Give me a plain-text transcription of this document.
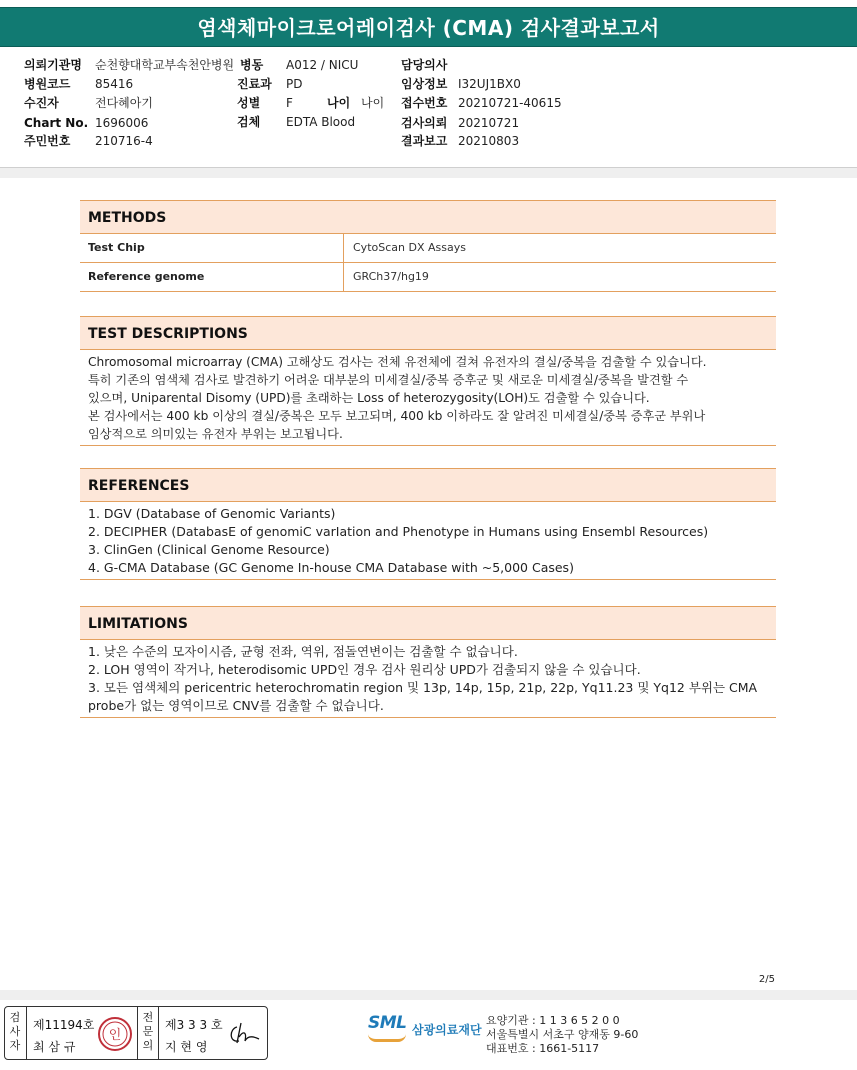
염색체마이크로어레이검사 (CMA) 검사결과보고서
의뢰기관명 순천향대학교부속천안병원 병동 A012 / NICU	담당의사
병원코드 85416	진료과 PD	임상정보 I32UJ1BX0
수진자	전다혜아기	성별 F	나이 나이 접수번호 20210721-40615
Chart No. 1696006	검체 EDTA Blood	검사의뢰 20210721
주민번호 210716-4	결과보고 20210803
METHODS
Test Chip	CytoScan DX Assays
Reference genome	GRCh37/hg19
TEST DESCRIPTIONS

Chromosomal microarray (CMA) 고해상도 검사는 전체 유전체에 걸쳐 유전자의 결실/중복을 검출할 수 있습니다.

특히 기존의 염색체 검사로 발견하기 어려운 대부분의 미세결실/중복 증후군 및 새로운 미세결실/중복을 발견할 수

있으며, Uniparental Disomy (UPD)를 초래하는 Loss of heterozygosity(LOH)도 검출할 수 있습니다.

본 검사에서는 400 kb 이상의 결실/중복은 모두 보고되며, 400 kb 이하라도 잘 알려진 미세결실/중복 증후군 부위나

임상적으로 의미있는 유전자 부위는 보고됩니다.

REFERENCES

1. DGV (Database of Genomic Variants)

2. DECIPHER (DatabasE of genomiC varIation and Phenotype in Humans using Ensembl Resources)

3. ClinGen (Clinical Genome Resource)

4. G-CMA Database (GC Genome In-house CMA Database with ~5,000 Cases)

LIMITATIONS

1. 낮은 수준의 모자이시즘, 균형 전좌, 역위, 점돌연변이는 검출할 수 없습니다.

2. LOH 영역이 작거나, heterodisomic UPD인 경우 검사 원리상 UPD가 검출되지 않을 수 있습니다.

3. 모든 염색체의 pericentric heterochromatin region 및 13p, 14p, 15p, 21p, 22p, Yq11.23 및 Yq12 부위는 CMA

probe가 없는 영역이므로 CNV를 검출할 수 없습니다.

2/5
검
사
자
제11194호
최 삼 규
인
전
문
의
제3 3 3 호
지 현 영
SML 삼광의료재단
요양기관 : 1 1 3 6 5 2 0 0
서울특별시 서초구 양재동 9-60
대표번호 : 1661-5117
